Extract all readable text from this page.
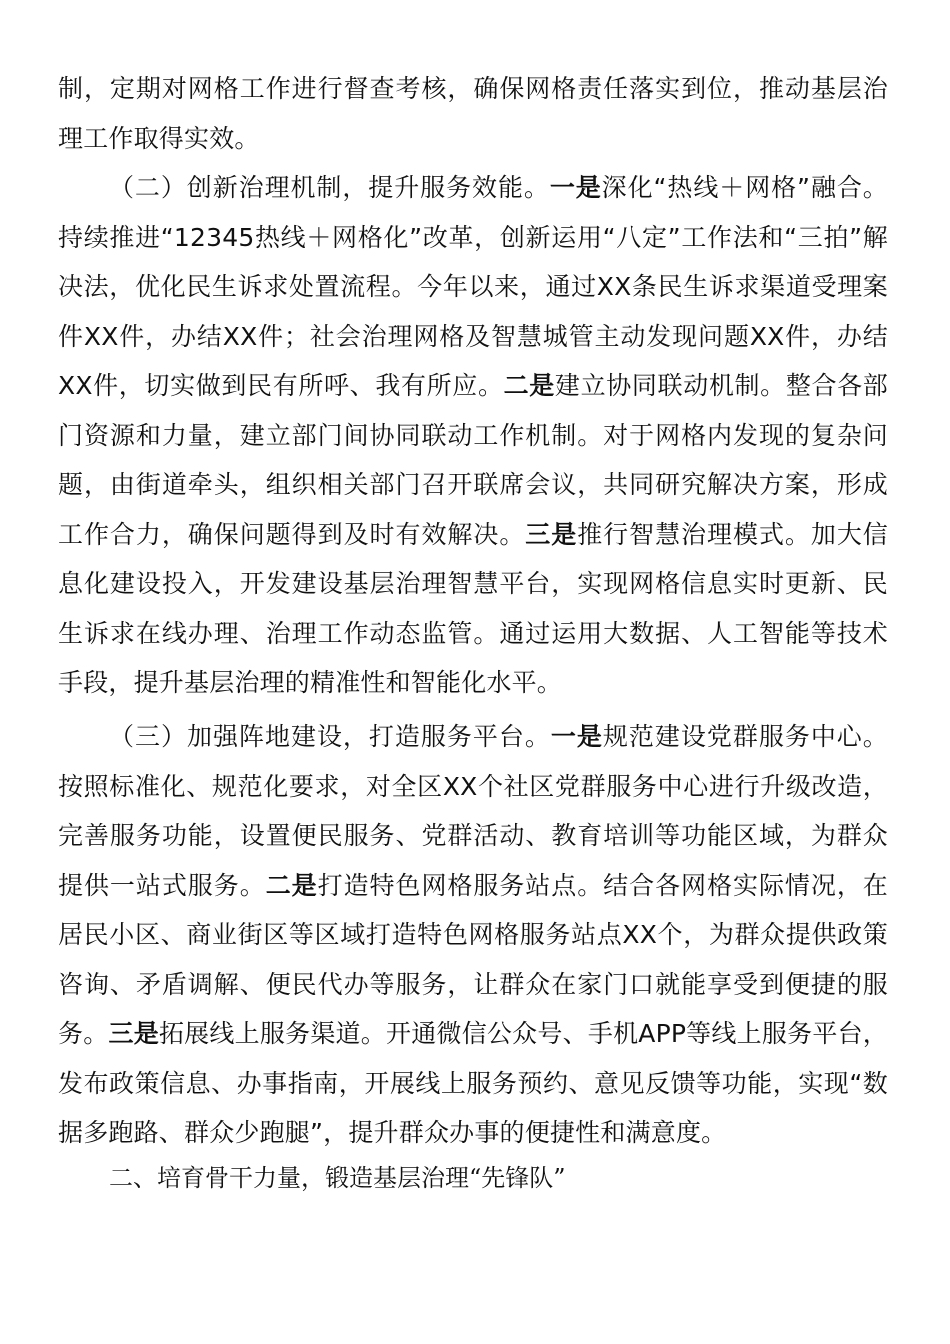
制，定期对网格工作进行督查考核，确保网格责任落实到位，推动基层治理工作取得实效。

（二）创新治理机制，提升服务效能。一是深化“热线＋网格”融合。持续推进“12345热线＋网格化”改革，创新运用“八定”工作法和“三拍”解决法，优化民生诉求处置流程。今年以来，通过XX条民生诉求渠道受理案件XX件，办结XX件；社会治理网格及智慧城管主动发现问题XX件，办结XX件，切实做到民有所呼、我有所应。二是建立协同联动机制。整合各部门资源和力量，建立部门间协同联动工作机制。对于网格内发现的复杂问题，由街道牵头，组织相关部门召开联席会议，共同研究解决方案，形成工作合力，确保问题得到及时有效解决。三是推行智慧治理模式。加大信息化建设投入，开发建设基层治理智慧平台，实现网格信息实时更新、民生诉求在线办理、治理工作动态监管。通过运用大数据、人工智能等技术手段，提升基层治理的精准性和智能化水平。

（三）加强阵地建设，打造服务平台。一是规范建设党群服务中心。按照标准化、规范化要求，对全区XX个社区党群服务中心进行升级改造，完善服务功能，设置便民服务、党群活动、教育培训等功能区域，为群众提供一站式服务。二是打造特色网格服务站点。结合各网格实际情况，在居民小区、商业街区等区域打造特色网格服务站点XX个，为群众提供政策咨询、矛盾调解、便民代办等服务，让群众在家门口就能享受到便捷的服务。三是拓展线上服务渠道。开通微信公众号、手机APP等线上服务平台，发布政策信息、办事指南，开展线上服务预约、意见反馈等功能，实现“数据多跑路、群众少跑腿”，提升群众办事的便捷性和满意度。

二、培育骨干力量，锻造基层治理“先锋队”
